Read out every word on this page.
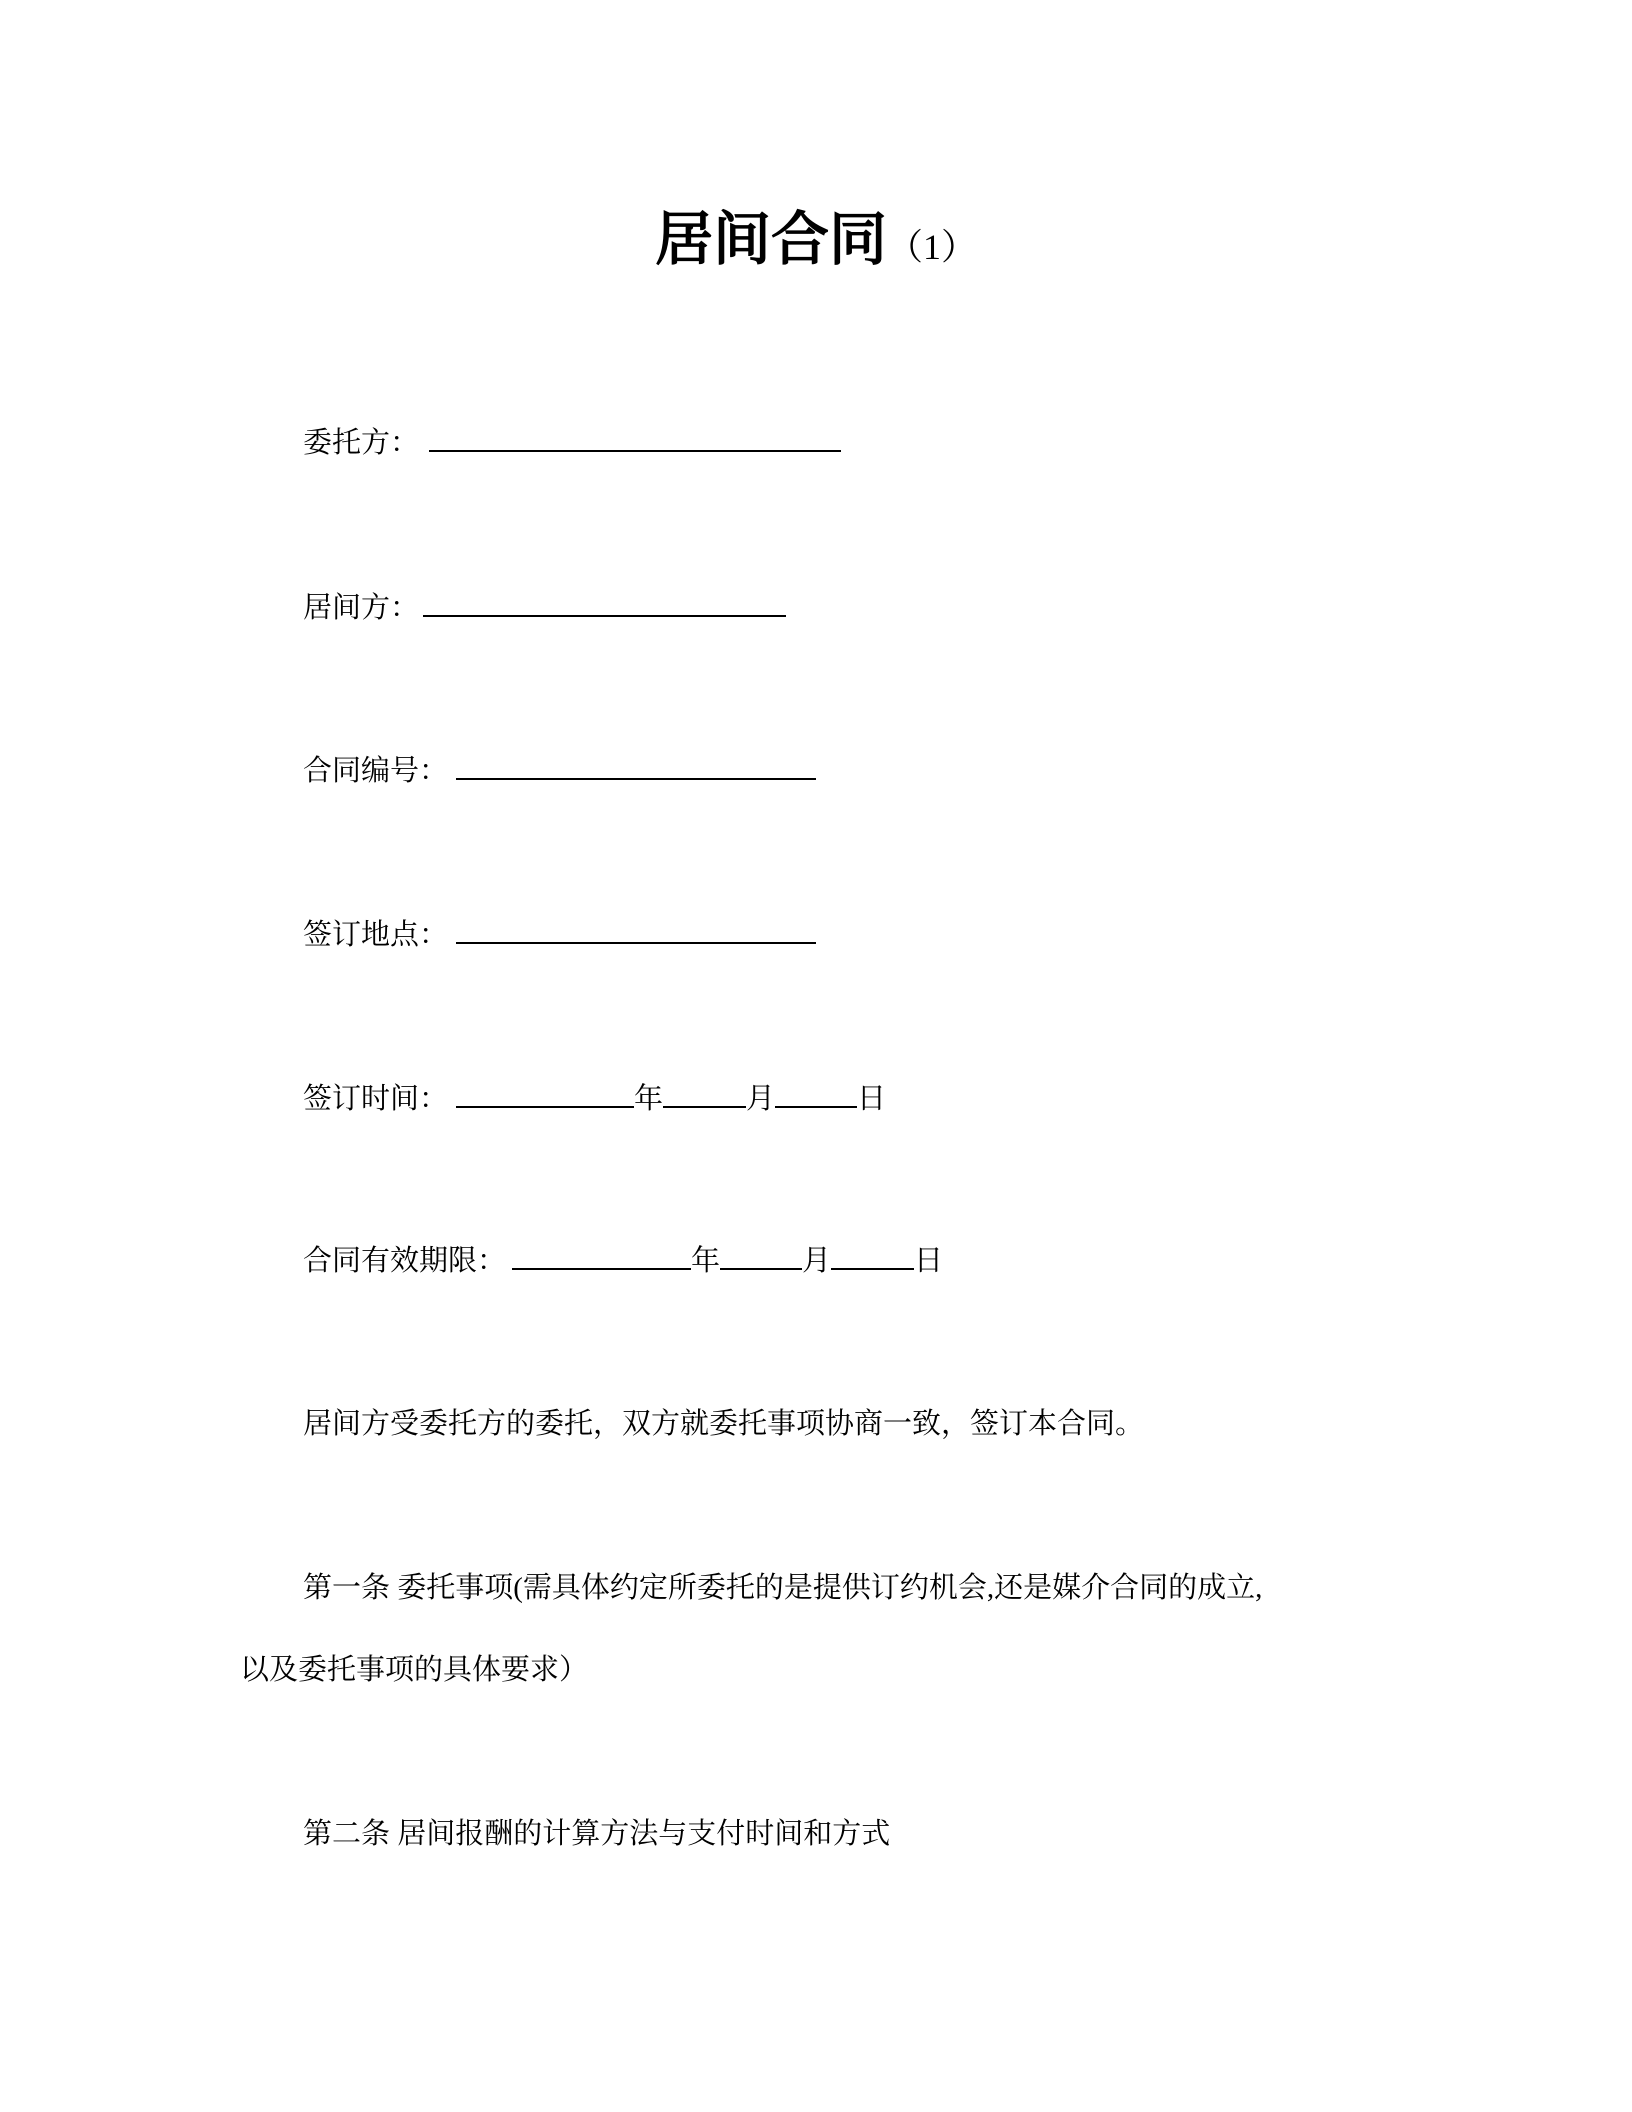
居间合同（1）
委托方：
居间方：
合同编号：
签订地点：
签订时间：	年	月	日
合同有效期限：	年	月	日
居间方受委托方的委托，双方就委托事项协商一致，签订本合同。
第一条 委托事项(需具体约定所委托的是提供订约机会,还是媒介合同的成立,
以及委托事项的具体要求）
第二条 居间报酬的计算方法与支付时间和方式
